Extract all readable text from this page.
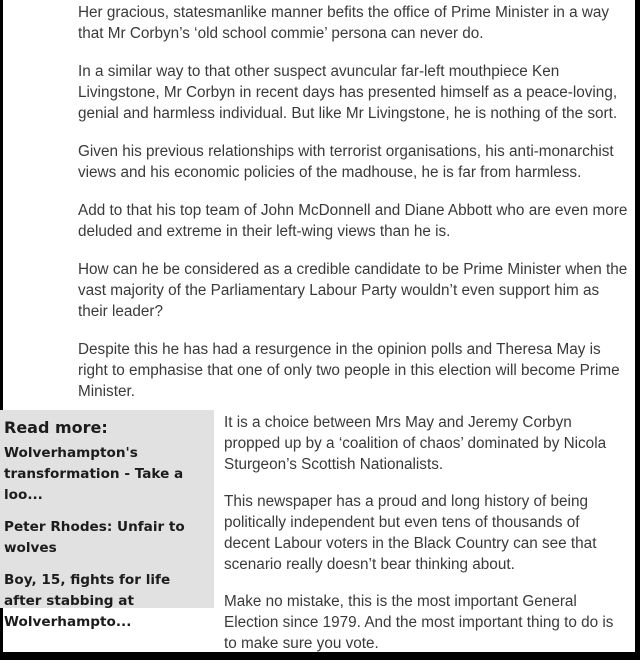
Her gracious, statesmanlike manner befits the office of Prime Minister in a way that Mr Corbyn’s ‘old school commie’ persona can never do.

In a similar way to that other suspect avuncular far-left mouthpiece Ken Livingstone, Mr Corbyn in recent days has presented himself as a peace-loving, genial and harmless individual. But like Mr Livingstone, he is nothing of the sort.

Given his previous relationships with terrorist organisations, his anti-monarchist views and his economic policies of the madhouse, he is far from harmless.

Add to that his top team of John McDonnell and Diane Abbott who are even more deluded and extreme in their left-wing views than he is.

How can he be considered as a credible candidate to be Prime Minister when the vast majority of the Parliamentary Labour Party wouldn’t even support him as their leader?

Despite this he has had a resurgence in the opinion polls and Theresa May is right to emphasise that one of only two people in this election will become Prime Minister.

Read more:
Wolverhampton's transformation - Take a loo...
Peter Rhodes: Unfair to wolves
Boy, 15, fights for life after stabbing at Wolverhampto...

It is a choice between Mrs May and Jeremy Corbyn propped up by a ‘coalition of chaos’ dominated by Nicola Sturgeon’s Scottish Nationalists.

This newspaper has a proud and long history of being politically independent but even tens of thousands of decent Labour voters in the Black Country can see that scenario really doesn’t bear thinking about.

Make no mistake, this is the most important General Election since 1979. And the most important thing to do is to make sure you vote.
